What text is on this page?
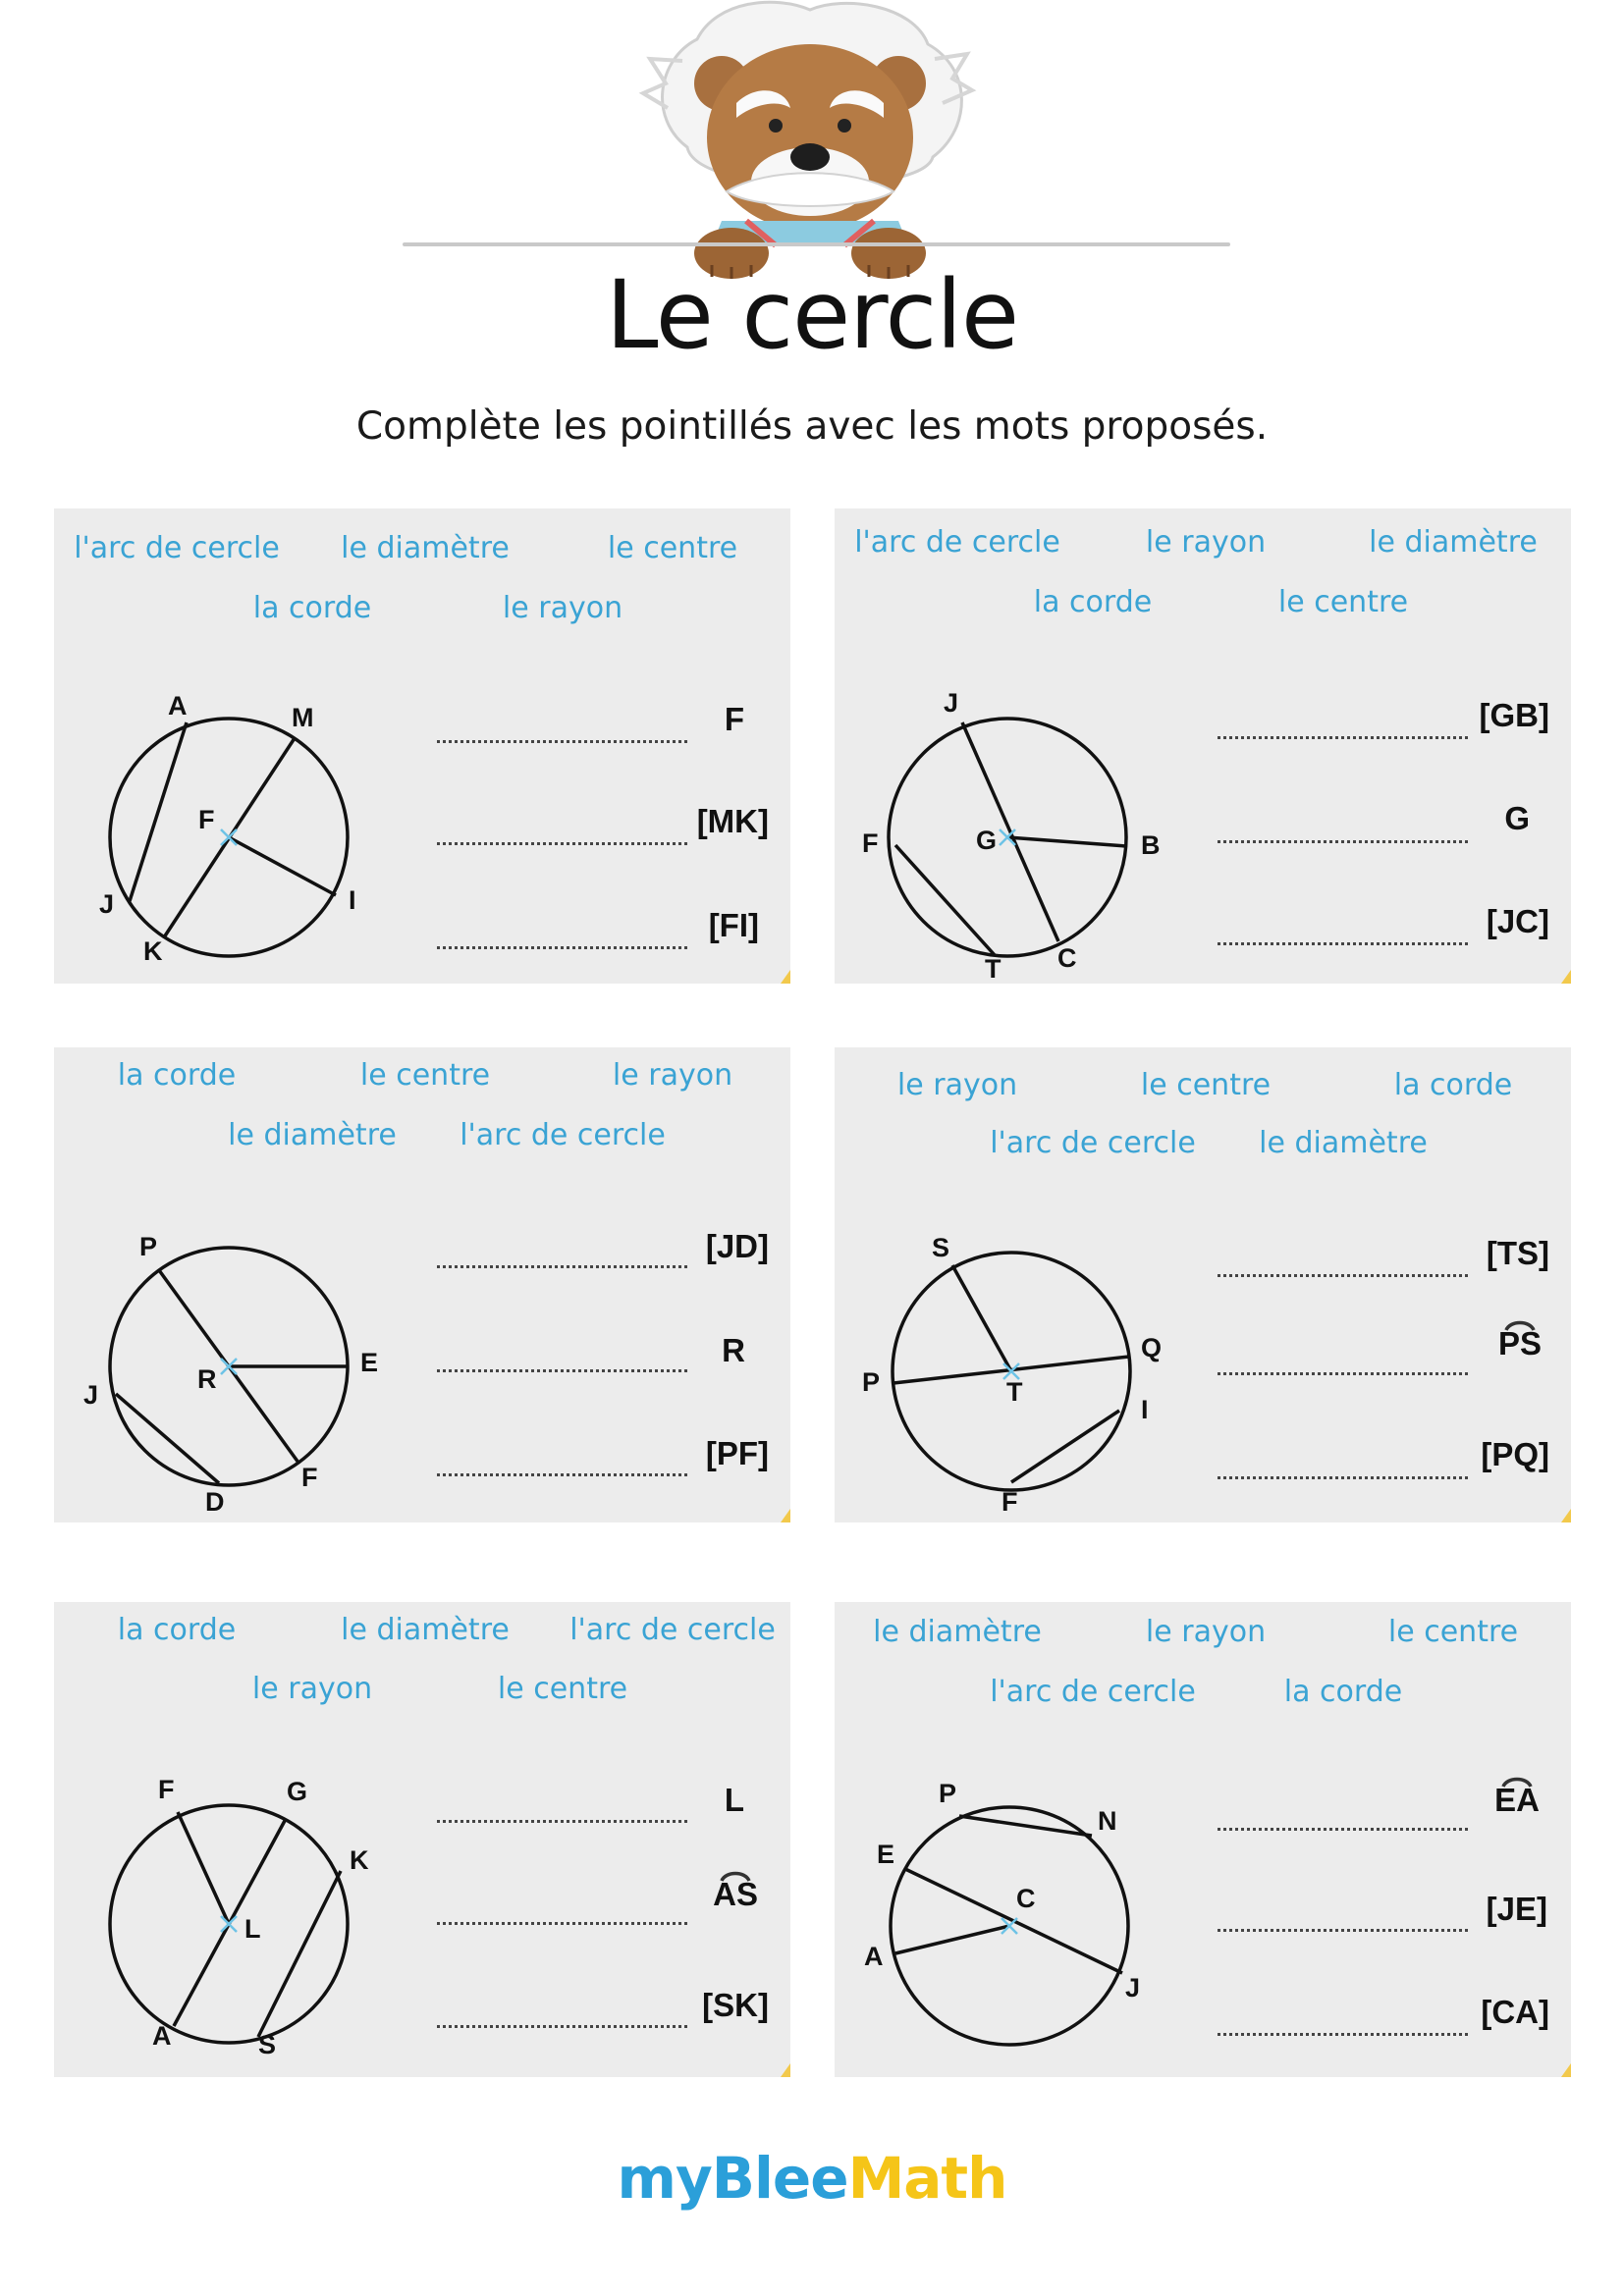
Le cercle
Complète les pointillés avec les mots proposés.
l'arc de cercle le diamètre	le centre
la corde	le rayon
A	M
F
J	I
K
F
[MK]
[FI]
l'arc de cercle	le rayon	le diamètre
la corde	le centre
J
F	G	B
T C
[GB]
G
[JC]
la corde	le centre	le rayon
le diamètre l'arc de cercle
P
E
R
J
F
D
[JD]
R
[PF]
le rayon	le centre	la corde
l'arc de cercle le diamètre
S
Q
P	T
I
F
[TS]
PS
[PQ]
la corde	le diamètre l'arc de cercle
le rayon	le centre
F	G
K
L
A	S
L
AS
[SK]
le diamètre	le rayon	le centre
l'arc de cercle	la corde
P
N
E
C
A
J
EA
[JE]
[CA]
myBleeMath
